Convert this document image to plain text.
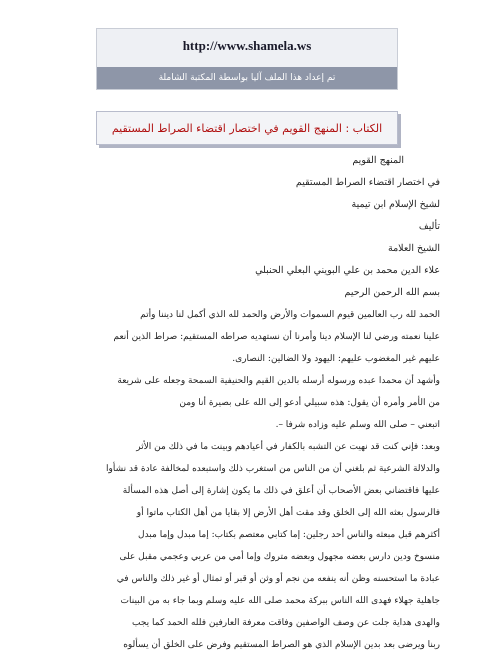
http://www.shamela.ws
تم إعداد هذا الملف آليا بواسطة المكتبة الشاملة
الكتاب : المنهج القويم في اختصار اقتضاء الصراط المستقيم
المنهج القويم
في اختصار اقتضاء الصراط المستقيم
لشيخ الإسلام ابن تيمية
تأليف
الشيخ العلامة
علاء الدين محمد بن علي البويني البعلي الحنبلي
بسم الله الرحمن الرحيم
الحمد لله رب العالمين قيوم السموات والأرض والحمد لله الذي أكمل لنا ديننا وأتم
علينا نعمته ورضي لنا الإسلام دينا وأمرنا أن نستهديه صراطه المستقيم: صراط الذين أنعم
عليهم غير المغضوب عليهم: اليهود ولا الضالين: النصارى.
وأشهد أن محمدا عبده ورسوله أرسله بالدين القيم والحنيفية السمحة وجعله على شريعة
من الأمر وأمره أن يقول: هذه سبيلي أدعو إلى الله على بصيرة أنا ومن
اتبعني – صلى الله وسلم عليه وزاده شرفا –.
وبعد: فإني كنت قد نهيت عن التشبه بالكفار في أعيادهم وبينت ما في ذلك من الأثر
والدلالة الشرعية ثم بلغني أن من الناس من استغرب ذلك واستبعده لمخالفة عادة قد نشأوا
عليها فاقتضاني بعض الأصحاب أن أعلق في ذلك ما يكون إشارة إلى أصل هذه المسألة
فالرسول بعثه الله إلى الخلق وقد مقت أهل الأرض إلا بقايا من أهل الكتاب ماتوا أو
أكثرهم قبل مبعثه والناس أحد رجلين: إما كتابي معتصم بكتاب: إما مبدل وإما مبدل
منسوخ ودين دارس بعضه مجهول وبعضه متروك وإما أمي من عربي وعجمي مقبل على
عبادة ما استحسنه وظن أنه ينفعه من نجم أو وثن أو قبر أو تمثال أو غير ذلك والناس في
جاهلية جهلاء فهدى الله الناس ببركة محمد صلى الله عليه وسلم وبما جاء به من البينات
والهدى هداية جلت عن وصف الواصفين وفاقت معرفة العارفين فلله الحمد كما يجب
ربنا ويرضى بعد بدين الإسلام الذي هو الصراط المستقيم وفرض على الخلق أن يسألوه
